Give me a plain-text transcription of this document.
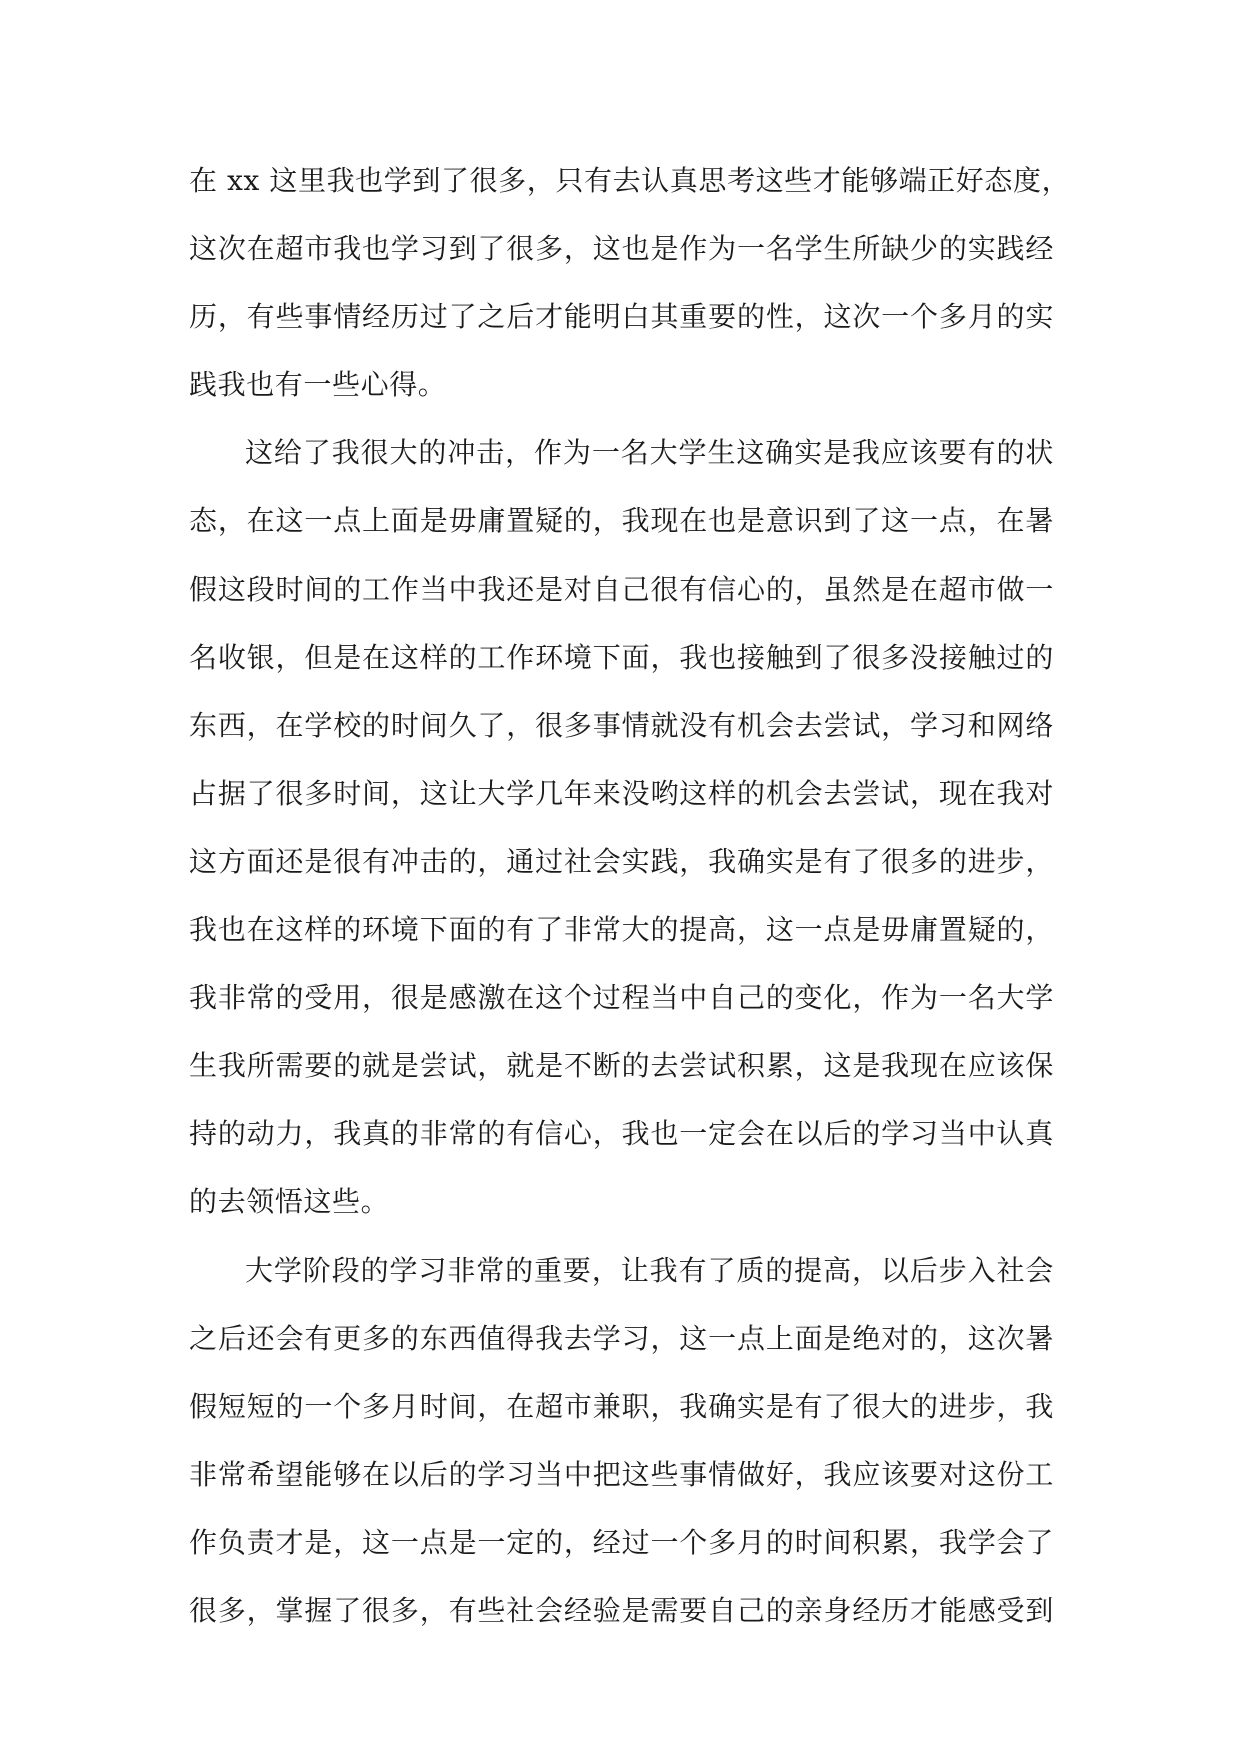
在 xx 这里我也学到了很多，只有去认真思考这些才能够端正好态度，
这次在超市我也学习到了很多，这也是作为一名学生所缺少的实践经
历，有些事情经历过了之后才能明白其重要的性，这次一个多月的实
践我也有一些心得。
这给了我很大的冲击，作为一名大学生这确实是我应该要有的状
态，在这一点上面是毋庸置疑的，我现在也是意识到了这一点，在暑
假这段时间的工作当中我还是对自己很有信心的，虽然是在超市做一
名收银，但是在这样的工作环境下面，我也接触到了很多没接触过的
东西，在学校的时间久了，很多事情就没有机会去尝试，学习和网络
占据了很多时间，这让大学几年来没哟这样的机会去尝试，现在我对
这方面还是很有冲击的，通过社会实践，我确实是有了很多的进步，
我也在这样的环境下面的有了非常大的提高，这一点是毋庸置疑的，
我非常的受用，很是感激在这个过程当中自己的变化，作为一名大学
生我所需要的就是尝试，就是不断的去尝试积累，这是我现在应该保
持的动力，我真的非常的有信心，我也一定会在以后的学习当中认真
的去领悟这些。
大学阶段的学习非常的重要，让我有了质的提高，以后步入社会
之后还会有更多的东西值得我去学习，这一点上面是绝对的，这次暑
假短短的一个多月时间，在超市兼职，我确实是有了很大的进步，我
非常希望能够在以后的学习当中把这些事情做好，我应该要对这份工
作负责才是，这一点是一定的，经过一个多月的时间积累，我学会了
很多，掌握了很多，有些社会经验是需要自己的亲身经历才能感受到
